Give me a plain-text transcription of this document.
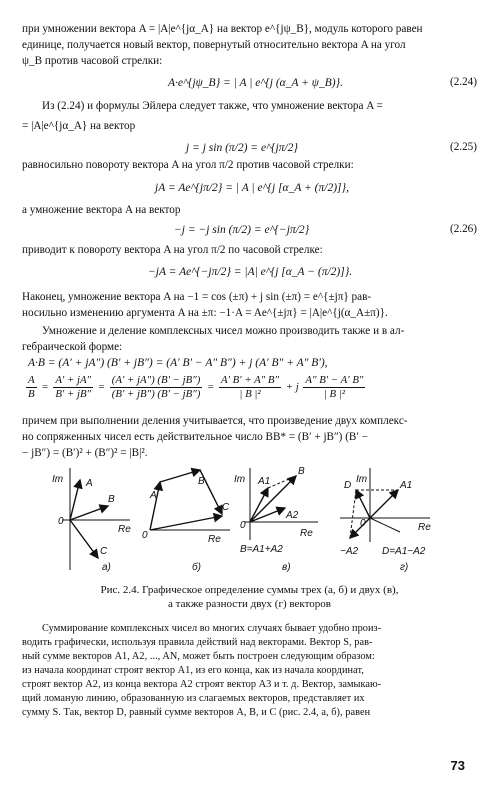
при умножении вектора A = |A|e^{jα_A} на вектор e^{jψ_B}, модуль которого равен
единице, получается новый вектор, повернутый относительно вектора A на угол
ψ_B против часовой стрелки:
A·e^{jψ_B} = | A | e^{j (α_A + ψ_B)}.	(2.24)
Из (2.24) и формулы Эйлера следует также, что умножение вектора A =
= |A|e^{jα_A} на вектор
j = j sin (π/2) = e^{jπ/2}	(2.25)
равносильно повороту вектора A на угол π/2 против часовой стрелки:
jA = Ae^{jπ/2} = | A | e^{j [α_A + (π/2)]},
а умножение вектора A на вектор
−j = −j sin (π/2) = e^{−jπ/2}	(2.26)
приводит к повороту вектора A на угол π/2 по часовой стрелке:
−jA = Ae^{−jπ/2} = |A| e^{j [α_A − (π/2)]}.
Наконец, умножение вектора A на −1 = cos (±π) + j sin (±π) = e^{±jπ} рав-
носильно изменению аргумента A на ±π: −1·A = Ae^{±jπ} = |A|e^{j(α_A±π)}.
Умножение и деление комплексных чисел можно производить также и в ал-
гебраической форме:
A·B = (A′ + jA″) (B′ + jB″) = (A′ B′ − A″ B″) + j (A′ B″ + A″ B′),
$\frac{A}{B} = \frac{A' + jA''}{B' + jB''} = \frac{(A' + jA'') (B' - jB'')}{(B' + jB'') (B' - jB'')} = \frac{A' B' + A'' B''}{\text{| B |²}} + j \frac{A'' B' - A' B''}{\text{| B |²}}$
причем при выполнении деления учитывается, что произведение двух комплекс-
но сопряженных чисел есть действительное число BB* = (B′ + jB″) (B′ −
− jB″) = (B′)² + (B″)² = |B|².
Im
Re
0
A
B
C
a)
A
B
C
Re
0
б)
Im
Re
0
A1
A2
B
B=A1+A2
в)
Im
Re
0
A1
D
−A2 D=A1−A2
г)
Рис. 2.4. Графическое определение суммы трех (а, б) и двух (в),
а также разности двух (г) векторов
Суммирование комплексных чисел во многих случаях бывает удобно произ-
водить графически, используя правила действий над векторами. Вектор S, рав-
ный сумме векторов A1, A2, ..., AN, может быть построен следующим образом:
из начала координат строят вектор A1, из его конца, как из начала координат,
строят вектор A2, из конца вектора A2 строят вектор A3 и т. д. Вектор, замыкаю-
щий ломаную линию, образованную из слагаемых векторов, представляет их
сумму S. Так, вектор D, равный сумме векторов A, B, и C (рис. 2.4, а, б), равен
73
